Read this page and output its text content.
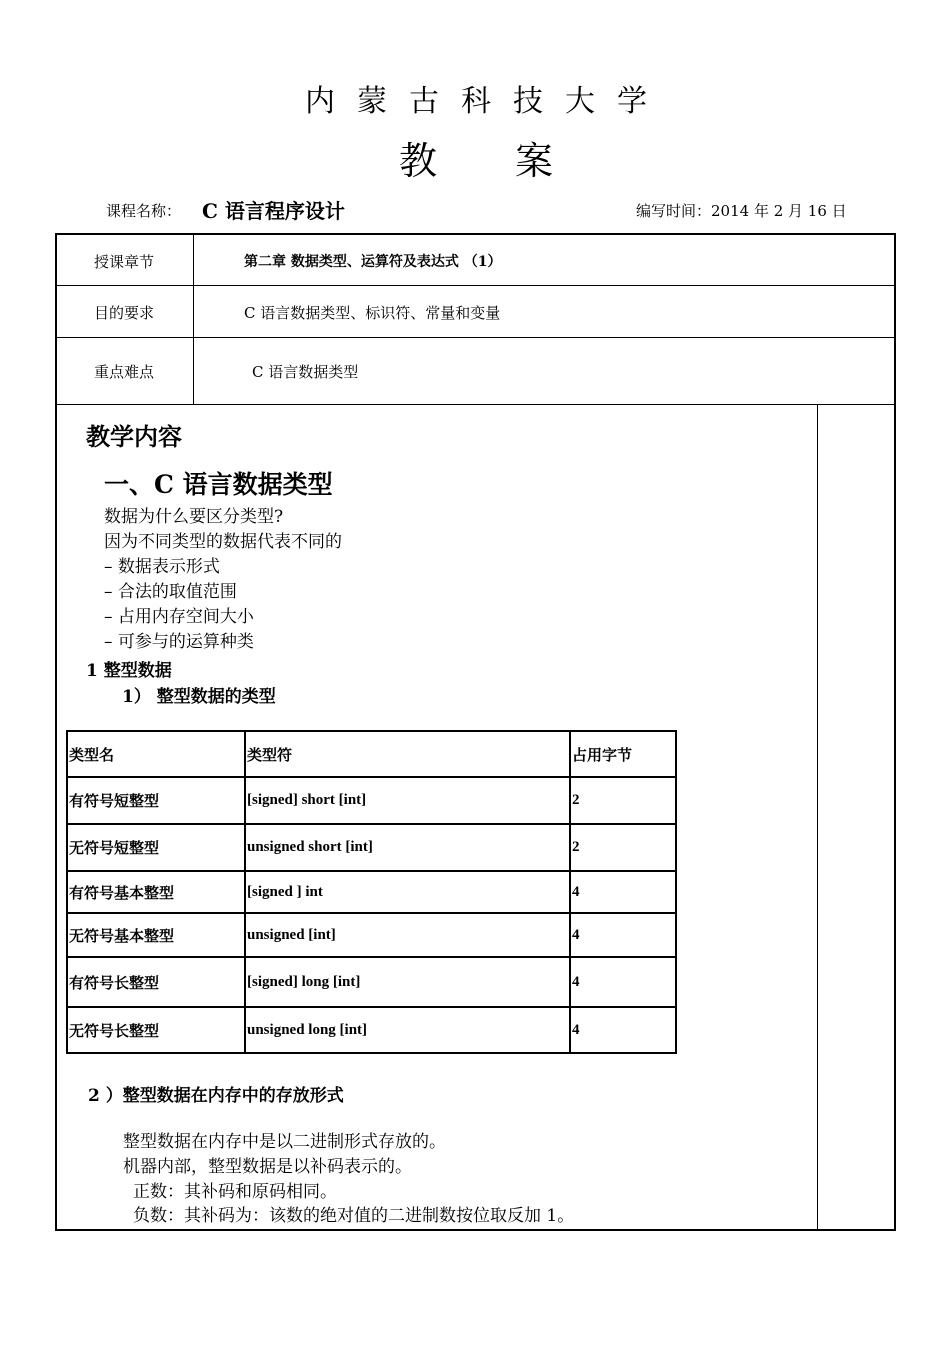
内蒙古科技大学
教案
课程名称： C 语言程序设计	编写时间：2014 年 2 月 16 日
授课章节	第二章 数据类型、运算符及表达式 （1）
目的要求	C 语言数据类型、标识符、常量和变量
重点难点	C 语言数据类型
教学内容
一、C 语言数据类型
数据为什么要区分类型?
因为不同类型的数据代表不同的
– 数据表示形式
– 合法的取值范围
– 占用内存空间大小
– 可参与的运算种类
1 整型数据
1） 整型数据的类型
类型名	类型符	占用字节
有符号短整型	[signed] short [int]	2
无符号短整型	unsigned short [int]	2
有符号基本整型	[signed ] int	4
无符号基本整型	unsigned [int]	4
有符号长整型	[signed] long [int]	4
无符号长整型	unsigned long [int]	4
2 ）整型数据在内存中的存放形式
整型数据在内存中是以二进制形式存放的。
机器内部，整型数据是以补码表示的。
正数：其补码和原码相同。
负数：其补码为：该数的绝对值的二进制数按位取反加 1。
